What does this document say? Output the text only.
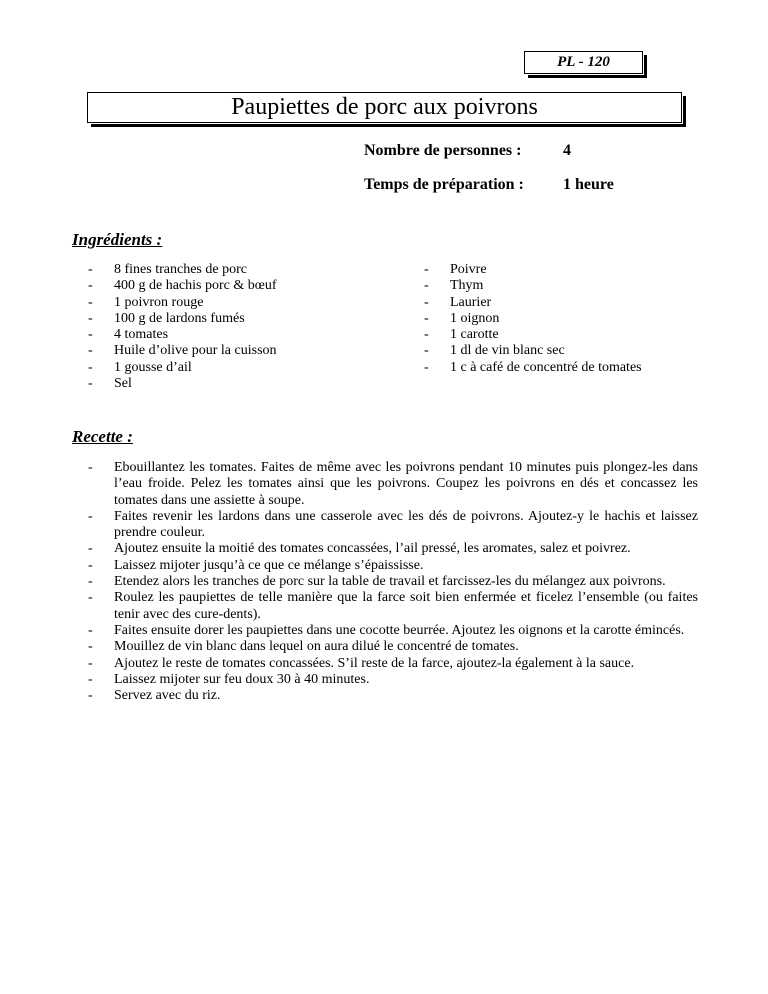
PL - 120
Paupiettes de porc aux poivrons
Nombre de personnes :	4
Temps de préparation : 1 heure
Ingrédients :
- 8 fines tranches de porc
- 400 g de hachis porc & bœuf
- 1 poivron rouge
- 100 g de lardons fumés
- 4 tomates
- Huile d’olive pour la cuisson
- 1 gousse d’ail
- Sel
- Poivre
- Thym
- Laurier
- 1 oignon
- 1 carotte
- 1 dl de vin blanc sec
- 1 c à café de concentré de tomates
Recette :
- Ebouillantez les tomates. Faites de même avec les poivrons pendant 10 minutes puis plongez-les dans l’eau froide. Pelez les tomates ainsi que les poivrons. Coupez les poivrons en dés et concassez les tomates dans une assiette à soupe.
- Faites revenir les lardons dans une casserole avec les dés de poivrons. Ajoutez-y le hachis et laissez prendre couleur.
- Ajoutez ensuite la moitié des tomates concassées, l’ail pressé, les aromates, salez et poivrez.
- Laissez mijoter jusqu’à ce que ce mélange s’épaississe.
- Etendez alors les tranches de porc sur la table de travail et farcissez-les du mélangez aux poivrons.
- Roulez les paupiettes de telle manière que la farce soit bien enfermée et ficelez l’ensemble (ou faites tenir avec des cure-dents).
- Faites ensuite dorer les paupiettes dans une cocotte beurrée. Ajoutez les oignons et la carotte émincés.
- Mouillez de vin blanc dans lequel on aura dilué le concentré de tomates.
- Ajoutez le reste de tomates concassées. S’il reste de la farce, ajoutez-la également à la sauce.
- Laissez mijoter sur feu doux 30 à 40 minutes.
- Servez avec du riz.
